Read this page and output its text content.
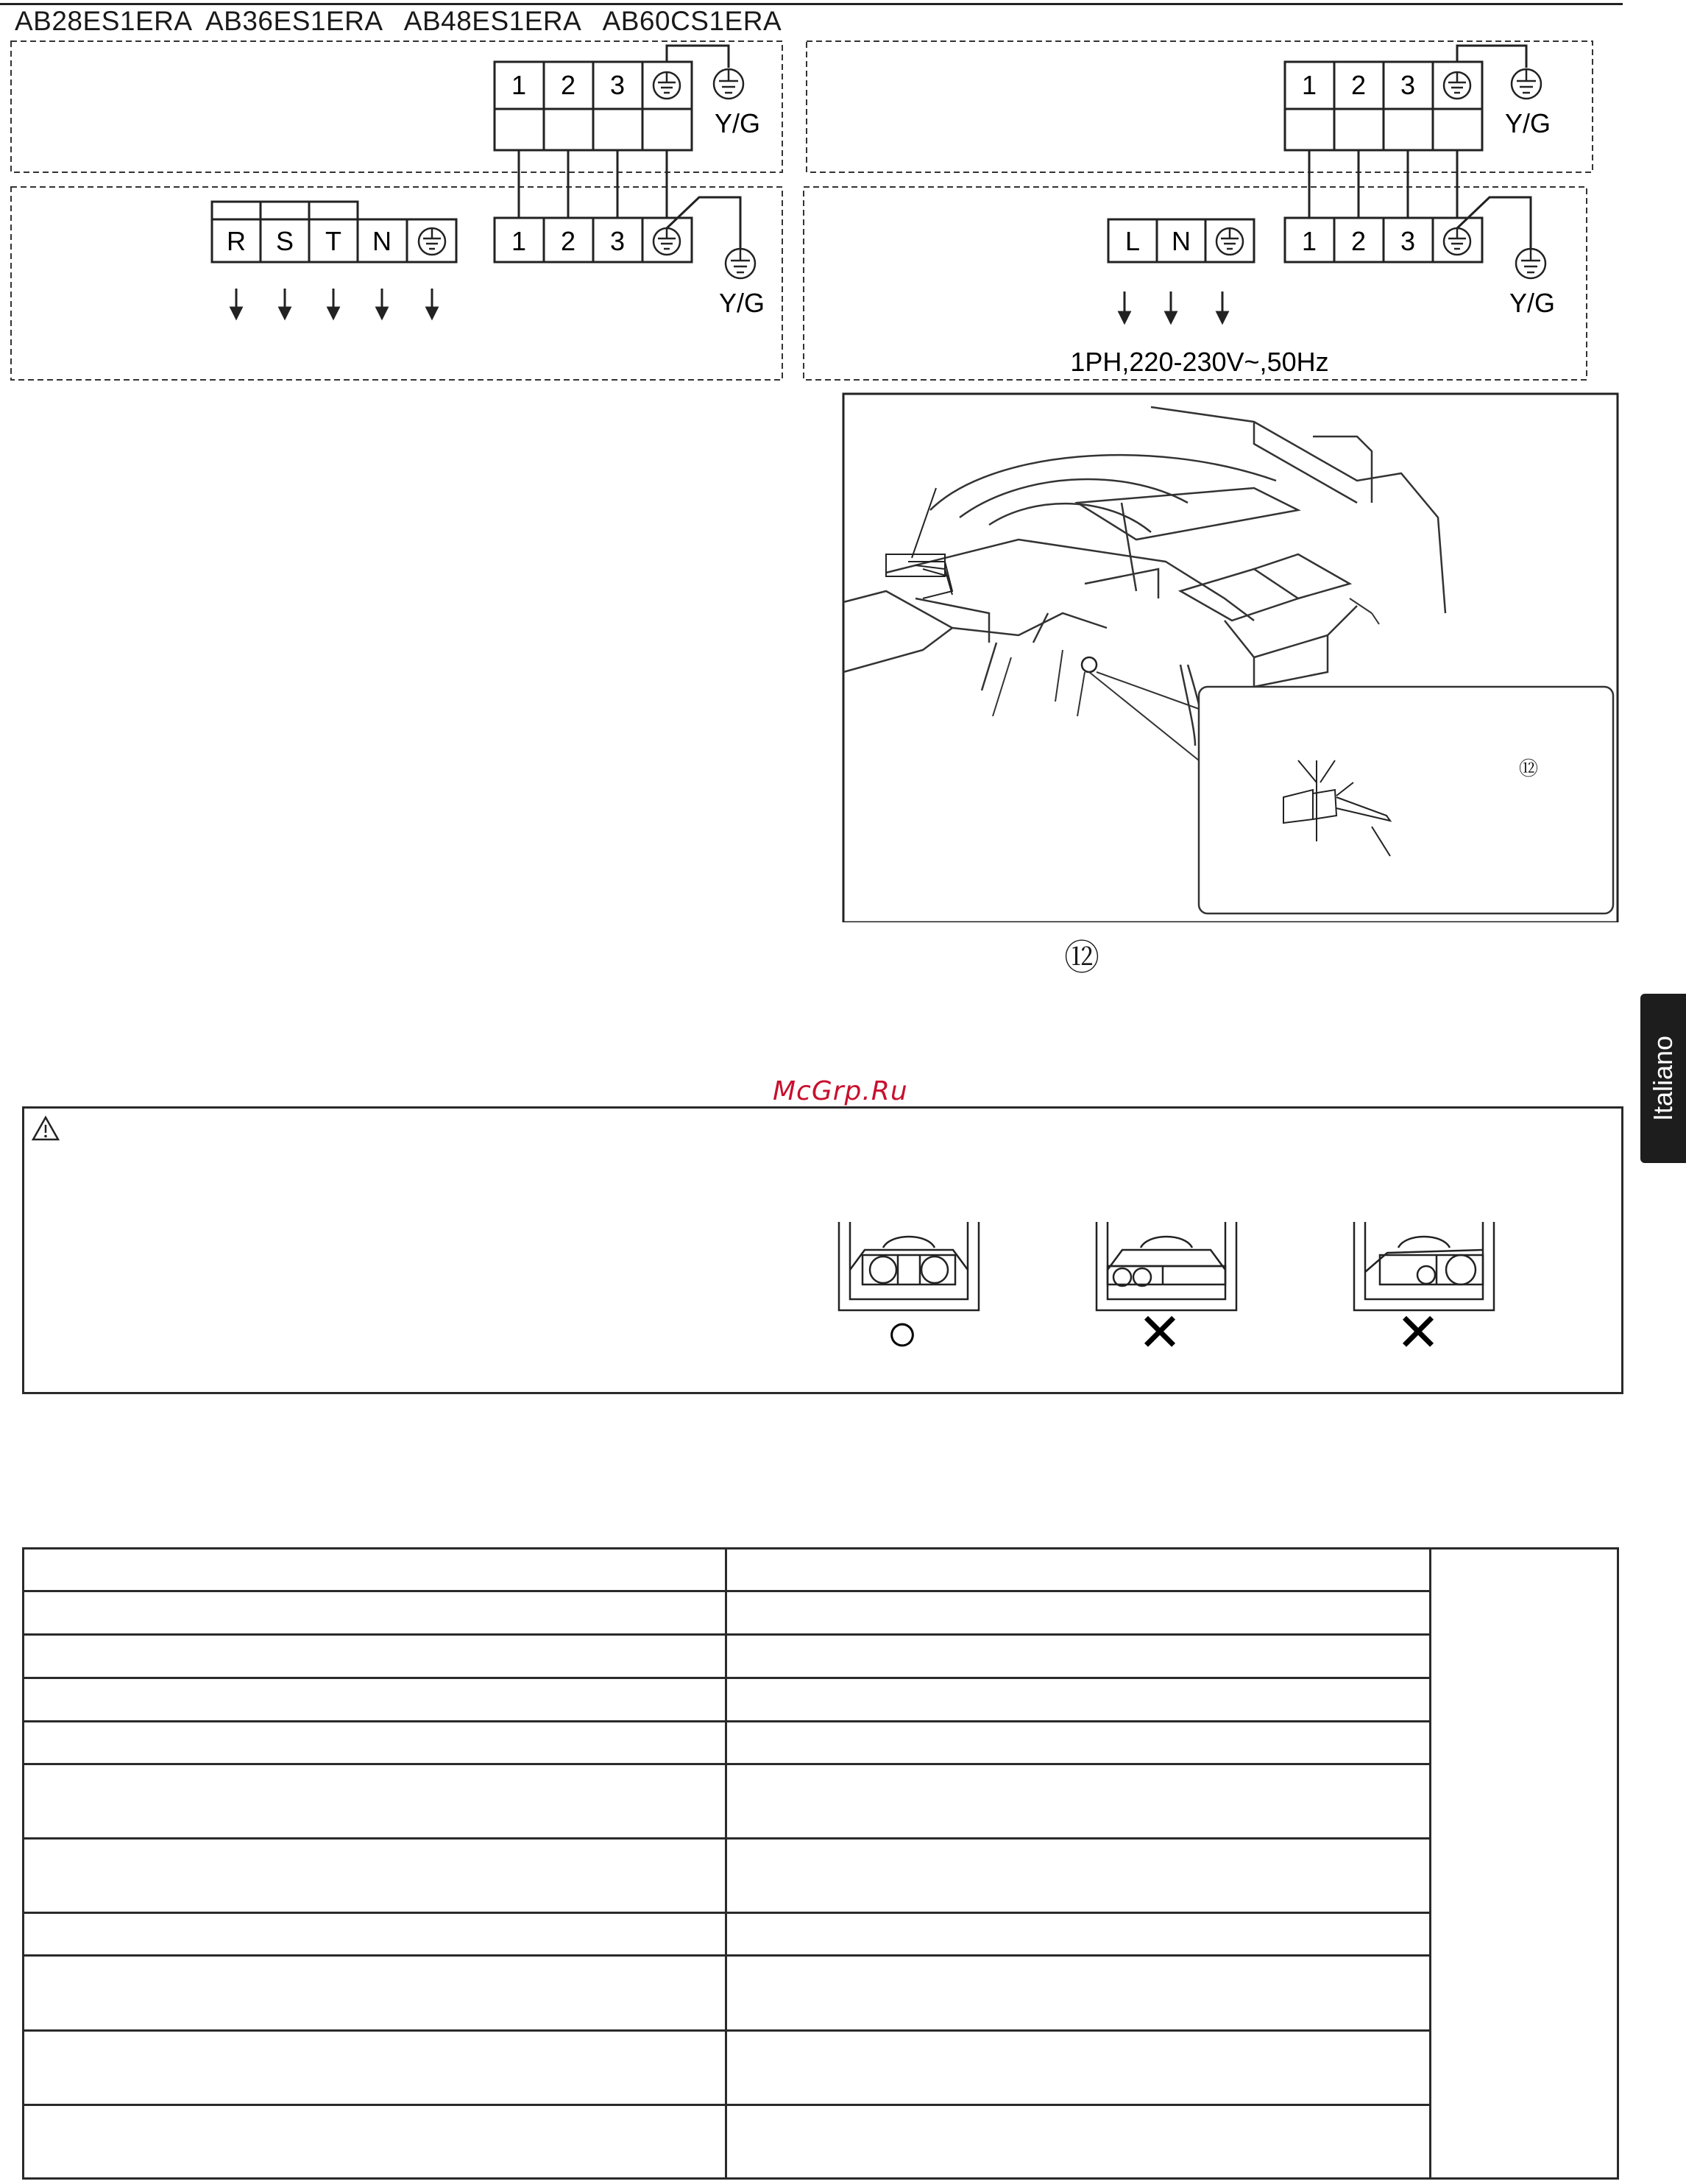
AB28ES1ERA  AB36ES1ERA   AB48ES1ERA   AB60CS1ERA
1 2 3
Y/G
1 2 3
Y/G
R S T N
1 2 3
Y/G
1 2 3
Y/G
L N
1PH,220-230V~,50Hz
⑫
⑫
Italiano
McGrp.Ru
○	✕	✕
